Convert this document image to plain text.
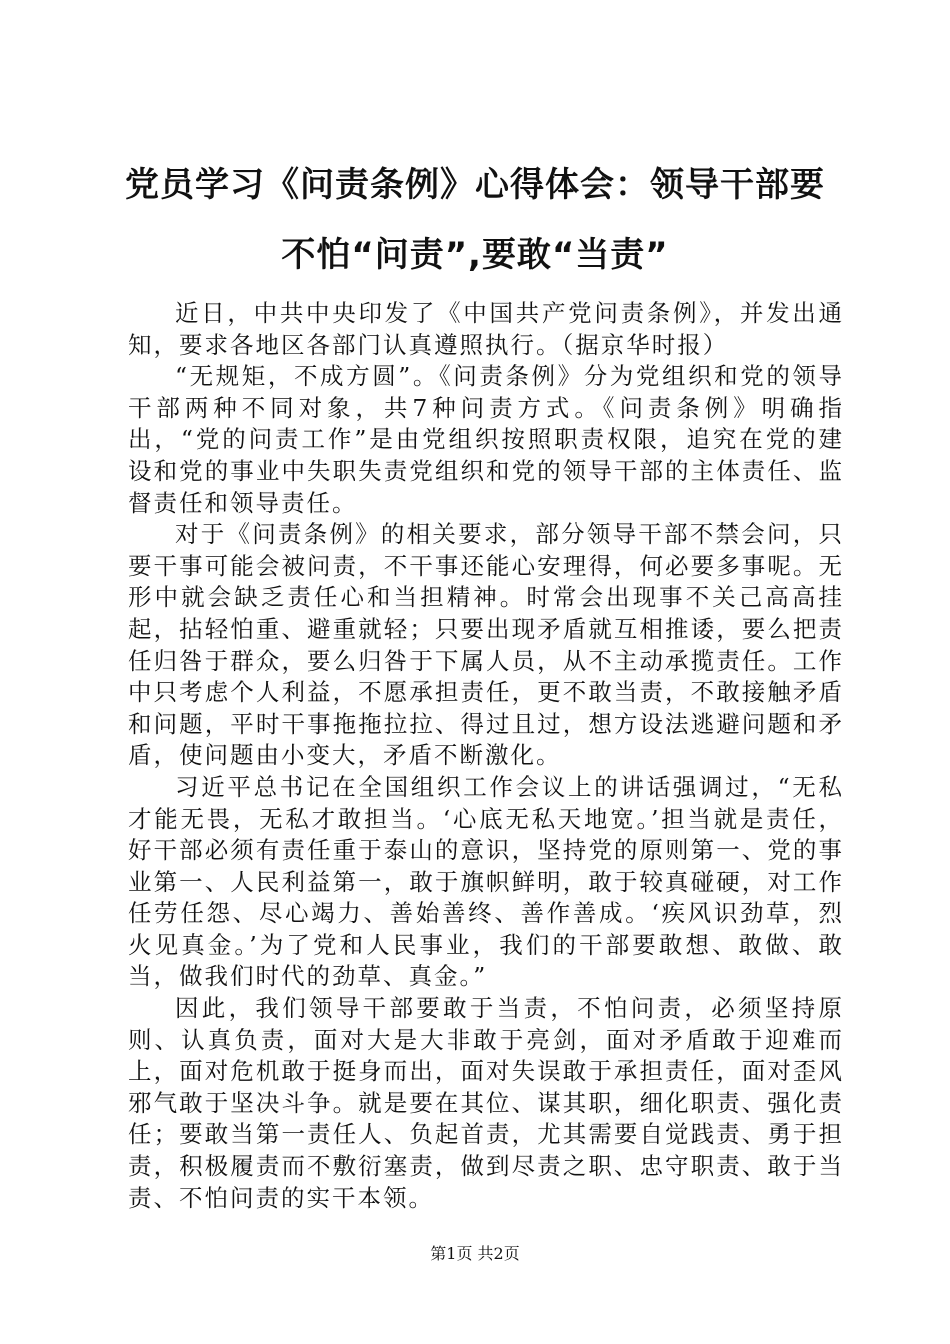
党员学习《问责条例》心得体会：领导干部要
不怕“问责”,要敢“当责”

近日，中共中央印发了《中国共产党问责条例》，并发出通知，要求各地区各部门认真遵照执行。（据京华时报）

“无规矩，不成方圆”。《问责条例》分为党组织和党的领导干部两种不同对象，共7种问责方式。《问责条例》明确指出，“党的问责工作”是由党组织按照职责权限，追究在党的建设和党的事业中失职失责党组织和党的领导干部的主体责任、监督责任和领导责任。

对于《问责条例》的相关要求，部分领导干部不禁会问，只要干事可能会被问责，不干事还能心安理得，何必要多事呢。无形中就会缺乏责任心和当担精神。时常会出现事不关己高高挂起，拈轻怕重、避重就轻；只要出现矛盾就互相推诿，要么把责任归咎于群众，要么归咎于下属人员，从不主动承揽责任。工作中只考虑个人利益，不愿承担责任，更不敢当责，不敢接触矛盾和问题，平时干事拖拖拉拉、得过且过，想方设法逃避问题和矛盾，使问题由小变大，矛盾不断激化。

习近平总书记在全国组织工作会议上的讲话强调过，“无私才能无畏，无私才敢担当。‘心底无私天地宽。’担当就是责任，好干部必须有责任重于泰山的意识，坚持党的原则第一、党的事业第一、人民利益第一，敢于旗帜鲜明，敢于较真碰硬，对工作任劳任怨、尽心竭力、善始善终、善作善成。‘疾风识劲草，烈火见真金。’为了党和人民事业，我们的干部要敢想、敢做、敢当，做我们时代的劲草、真金。”

因此，我们领导干部要敢于当责，不怕问责，必须坚持原则、认真负责，面对大是大非敢于亮剑，面对矛盾敢于迎难而上，面对危机敢于挺身而出，面对失误敢于承担责任，面对歪风邪气敢于坚决斗争。就是要在其位、谋其职，细化职责、强化责任；要敢当第一责任人、负起首责，尤其需要自觉践责、勇于担责，积极履责而不敷衍塞责，做到尽责之职、忠守职责、敢于当责、不怕问责的实干本领。

第1页 共2页
